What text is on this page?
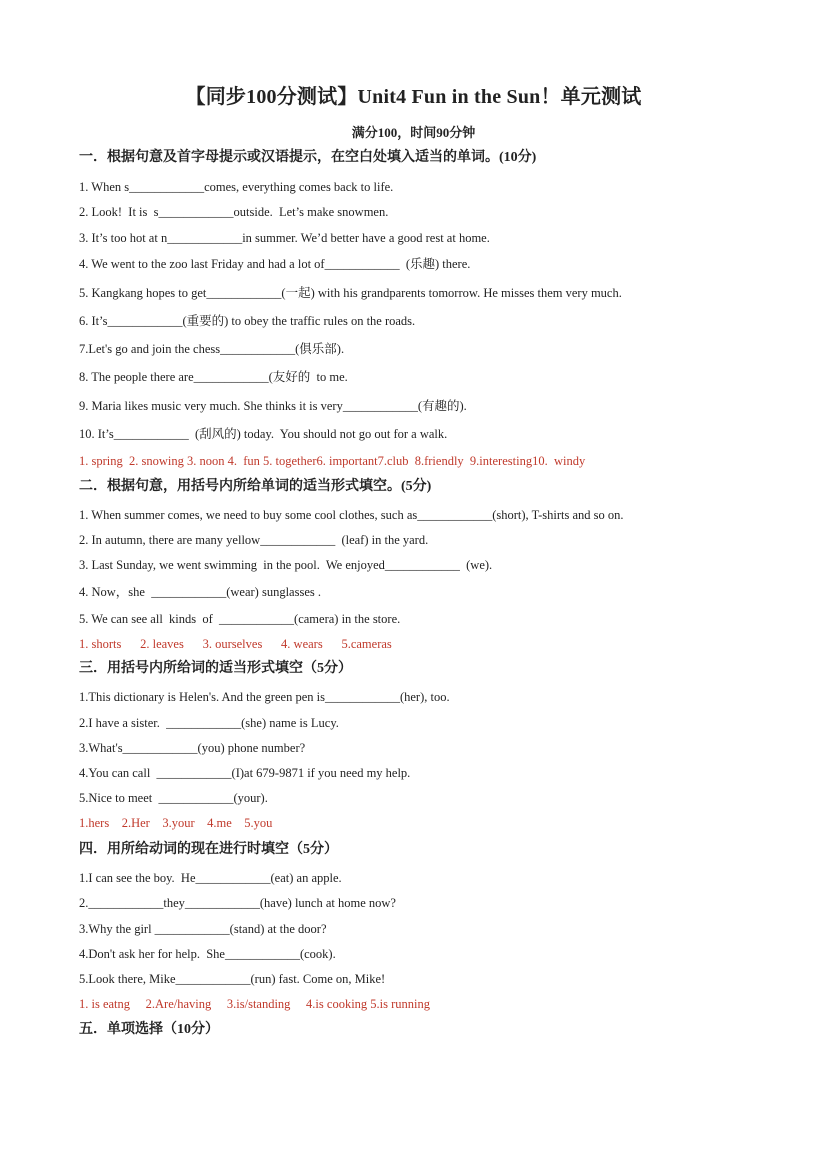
【同步100分测试】Unit4 Fun in the Sun！单元测试
满分100，时间90分钟
一．根据句意及首字母提示或汉语提示，在空白处填入适当的单词。(10分)
1. When s____________comes, everything comes back to life.
2. Look!  It is  s____________outside.  Let’s make snowmen.
3. It’s too hot at n____________in summer. We’d better have a good rest at home.
4. We went to the zoo last Friday and had a lot of____________  (乐趣) there.
5. Kangkang hopes to get____________(一起) with his grandparents tomorrow. He misses them very much.
6. It’s____________(重要的) to obey the traffic rules on the roads.
7.Let's go and join the chess____________(俱乐部).
8. The people there are____________(友好的  to me.
9. Maria likes music very much. She thinks it is very____________(有趣的).
10. It’s____________  (刮风的) today.  You should not go out for a walk.
1. spring  2. snowing 3. noon 4.  fun 5. together6. important7.club  8.friendly  9.interesting10.  windy
二．根据句意，用括号内所给单词的适当形式填空。(5分)
1. When summer comes, we need to buy some cool clothes, such as____________(short), T-shirts and so on.
2. In autumn, there are many yellow____________  (leaf) in the yard.
3. Last Sunday, we went swimming  in the pool.  We enjoyed____________  (we).
4. Now，she  ____________(wear) sunglasses .
5. We can see all  kinds  of  ____________(camera) in the store.
1. shorts      2. leaves      3. ourselves      4. wears      5.cameras
三．用括号内所给词的适当形式填空（5分）
1.This dictionary is Helen's. And the green pen is____________(her), too.
2.I have a sister.  ____________(she) name is Lucy.
3.What's____________(you) phone number?
4.You can call  ____________(I)at 679-9871 if you need my help.
5.Nice to meet  ____________(your).
1.hers    2.Her    3.your    4.me    5.you
四．用所给动词的现在进行时填空（5分）
1.I can see the boy.  He____________(eat) an apple.
2.____________they____________(have) lunch at home now?
3.Why the girl ____________(stand) at the door?
4.Don't ask her for help.  She____________(cook).
5.Look there, Mike____________(run) fast. Come on, Mike!
1. is eatng     2.Are/having     3.is/standing     4.is cooking 5.is running
五．单项选择（10分）
